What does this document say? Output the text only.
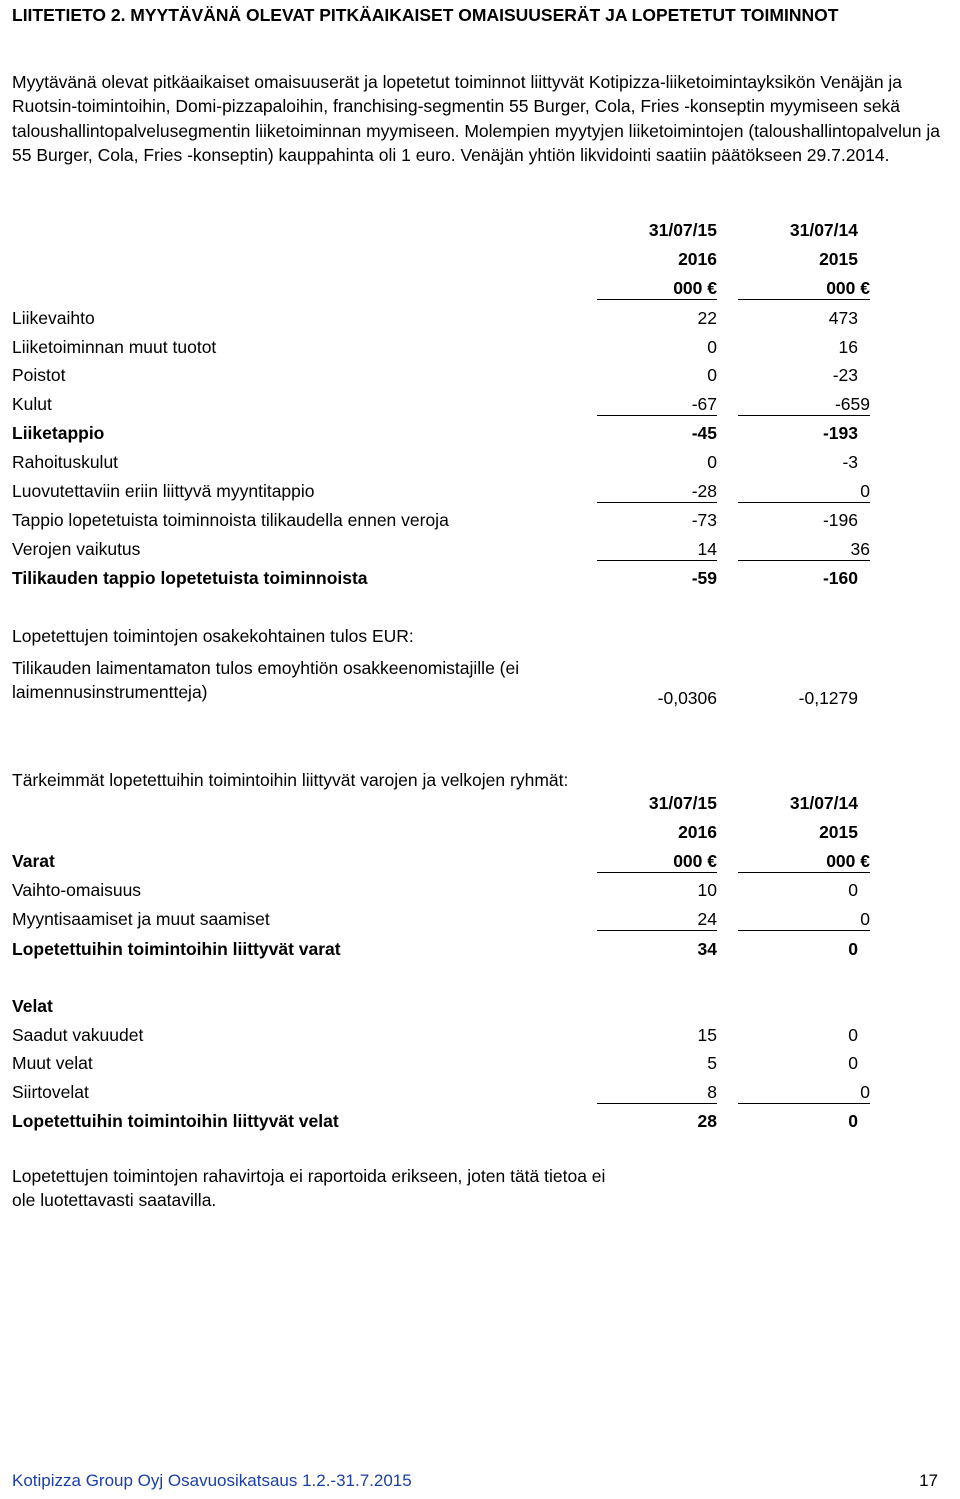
LIITETIETO 2. MYYTÄVÄNÄ OLEVAT PITKÄAIKAISET OMAISUUSERÄT JA LOPETETUT TOIMINNOT
Myytävänä olevat pitkäaikaiset omaisuuserät ja lopetetut toiminnot liittyvät Kotipizza-liiketoimintayksikön Venäjän ja Ruotsin-toimintoihin, Domi-pizzapaloihin, franchising-segmentin 55 Burger, Cola, Fries -konseptin myymiseen sekä taloushallintopalvelusegmentin liiketoiminnan myymiseen. Molempien myytyjen liiketoimintojen (taloushallintopalvelun ja 55 Burger, Cola, Fries -konseptin) kauppahinta oli 1 euro. Venäjän yhtiön likvidointi saatiin päätökseen 29.7.2014.
31/07/15	31/07/14
2016	2015
000 €	000 €
Liikevaihto	22	473
Liiketoiminnan muut tuotot	0	16
Poistot	0	-23
Kulut	-67	-659
Liiketappio	-45	-193
Rahoituskulut	0	-3
Luovutettaviin eriin liittyvä myyntitappio	-28	0
Tappio lopetetuista toiminnoista tilikaudella ennen veroja	-73	-196
Verojen vaikutus	14	36
Tilikauden tappio lopetetuista toiminnoista	-59	-160
Lopetettujen toimintojen osakekohtainen tulos EUR:
Tilikauden laimentamaton tulos emoyhtiön osakkeenomistajille (ei laimennusinstrumentteja)	-0,0306	-0,1279
Tärkeimmät lopetettuihin toimintoihin liittyvät varojen ja velkojen ryhmät:
31/07/15	31/07/14
2016	2015
Varat	000 €	000 €
Vaihto-omaisuus	10	0
Myyntisaamiset ja muut saamiset	24	0
Lopetettuihin toimintoihin liittyvät varat	34	0
Velat
Saadut vakuudet	15	0
Muut velat	5	0
Siirtovelat	8	0
Lopetettuihin toimintoihin liittyvät velat	28	0
Lopetettujen toimintojen rahavirtoja ei raportoida erikseen, joten tätä tietoa ei ole luotettavasti saatavilla.
Kotipizza Group Oyj Osavuosikatsaus 1.2.-31.7.2015	17
